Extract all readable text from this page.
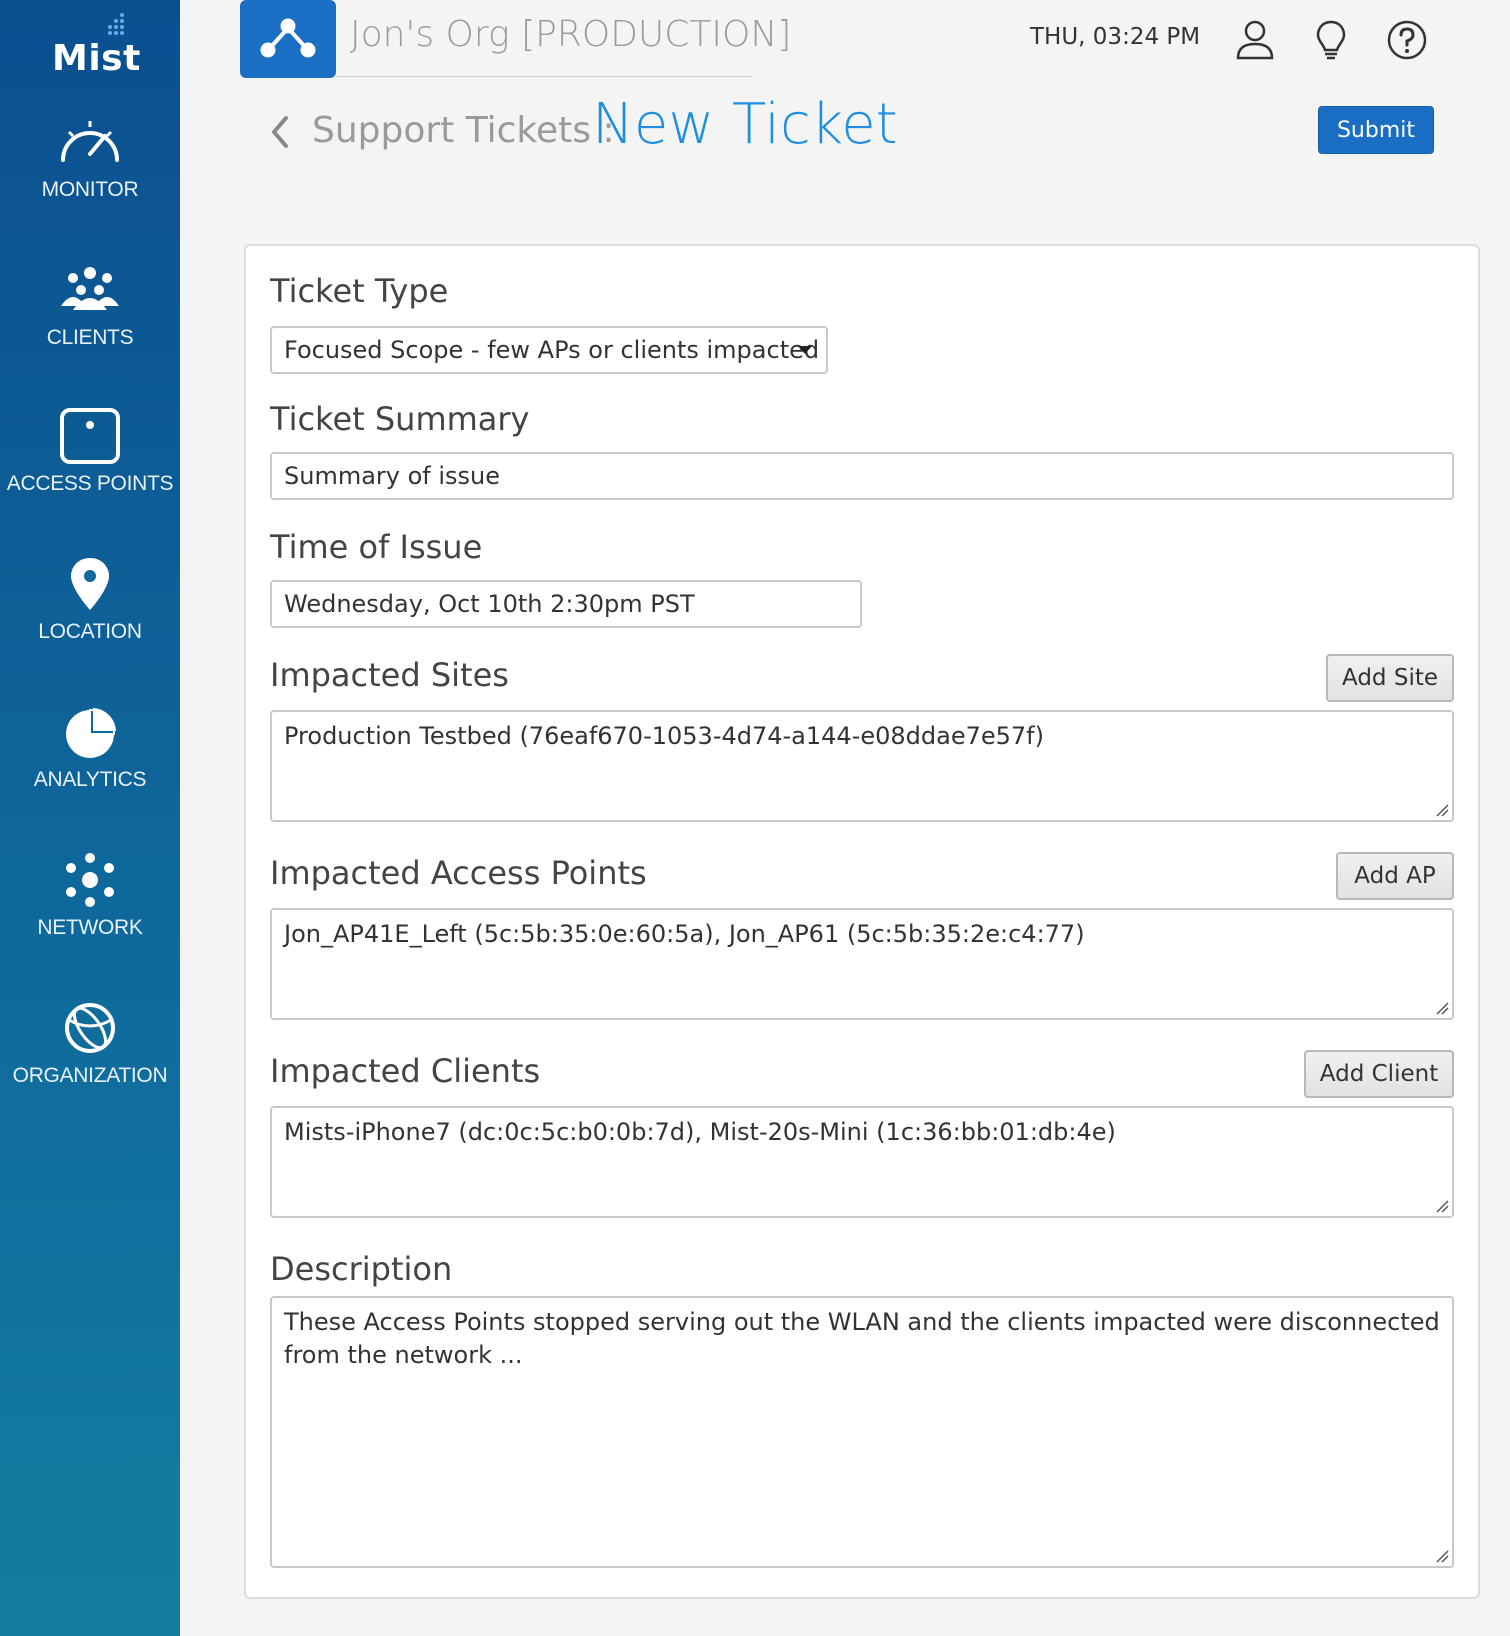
Mist
MONITOR
CLIENTS
ACCESS POINTS
LOCATION
ANALYTICS
NETWORK
ORGANIZATION
Jon's Org [PRODUCTION]	THU, 03:24 PM
Support Tickets :
New Ticket	Submit
Ticket Type
Focused Scope - few APs or clients impacted
Ticket Summary
Summary of issue
Time of Issue
Wednesday, Oct 10th 2:30pm PST
Impacted Sites	Add Site
Production Testbed (76eaf670-1053-4d74-a144-e08ddae7e57f)
Impacted Access Points	Add AP
Jon_AP41E_Left (5c:5b:35:0e:60:5a), Jon_AP61 (5c:5b:35:2e:c4:77)
Impacted Clients	Add Client
Mists-iPhone7 (dc:0c:5c:b0:0b:7d), Mist-20s-Mini (1c:36:bb:01:db:4e)
Description
These Access Points stopped serving out the WLAN and the clients impacted were disconnected from the network ...
